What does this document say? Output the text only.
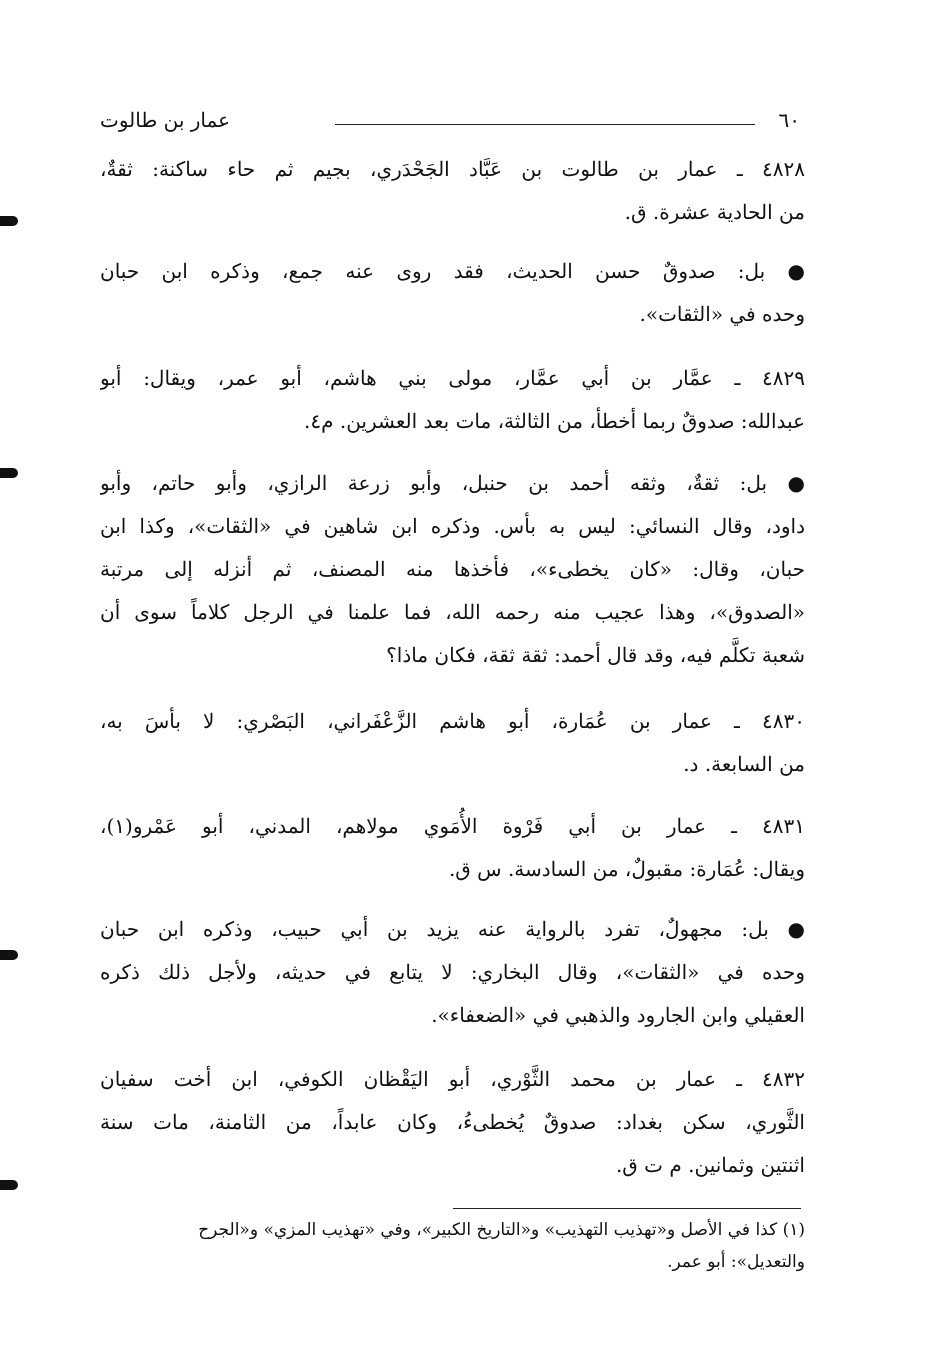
٦٠
عمار بن طالوت
٤٨٢٨ ـ عمار بن طالوت بن عَبَّاد الجَحْدَري، بجيم ثم حاء ساكنة: ثقةٌ،
من الحادية عشرة. ق.
● بل: صدوقٌ حسن الحديث، فقد روى عنه جمع، وذكره ابن حبان
وحده في «الثقات».
٤٨٢٩ ـ عمَّار بن أبي عمَّار، مولى بني هاشم، أبو عمر، ويقال: أبو
عبدالله: صدوقٌ ربما أخطأ، من الثالثة، مات بعد العشرين. م٤.
● بل: ثقةٌ، وثقه أحمد بن حنبل، وأبو زرعة الرازي، وأبو حاتم، وأبو
داود، وقال النسائي: ليس به بأس. وذكره ابن شاهين في «الثقات»، وكذا ابن
حبان، وقال: «كان يخطىء»، فأخذها منه المصنف، ثم أنزله إلى مرتبة
«الصدوق»، وهذا عجيب منه رحمه الله، فما علمنا في الرجل كلاماً سوى أن
شعبة تكلَّم فيه، وقد قال أحمد: ثقة ثقة، فكان ماذا؟
٤٨٣٠ ـ عمار بن عُمَارة، أبو هاشم الزَّعْفَراني، البَصْري: لا بأسَ به،
من السابعة. د.
٤٨٣١ ـ عمار بن أبي فَرْوة الأُمَوي مولاهم، المدني، أبو عَمْرو(١)،
ويقال: عُمَارة: مقبولٌ، من السادسة. س ق.
● بل: مجهولٌ، تفرد بالرواية عنه يزيد بن أبي حبيب، وذكره ابن حبان
وحده في «الثقات»، وقال البخاري: لا يتابع في حديثه، ولأجل ذلك ذكره
العقيلي وابن الجارود والذهبي في «الضعفاء».
٤٨٣٢ ـ عمار بن محمد الثَّوْري، أبو اليَقْظان الكوفي، ابن أخت سفيان
الثَّوري، سكن بغداد: صدوقٌ يُخطىءُ، وكان عابداً، من الثامنة، مات سنة
اثنتين وثمانين. م ت ق.
(١) كذا في الأصل و«تهذيب التهذيب» و«التاريخ الكبير»، وفي «تهذيب المزي» و«الجرح
والتعديل»: أبو عمر.
